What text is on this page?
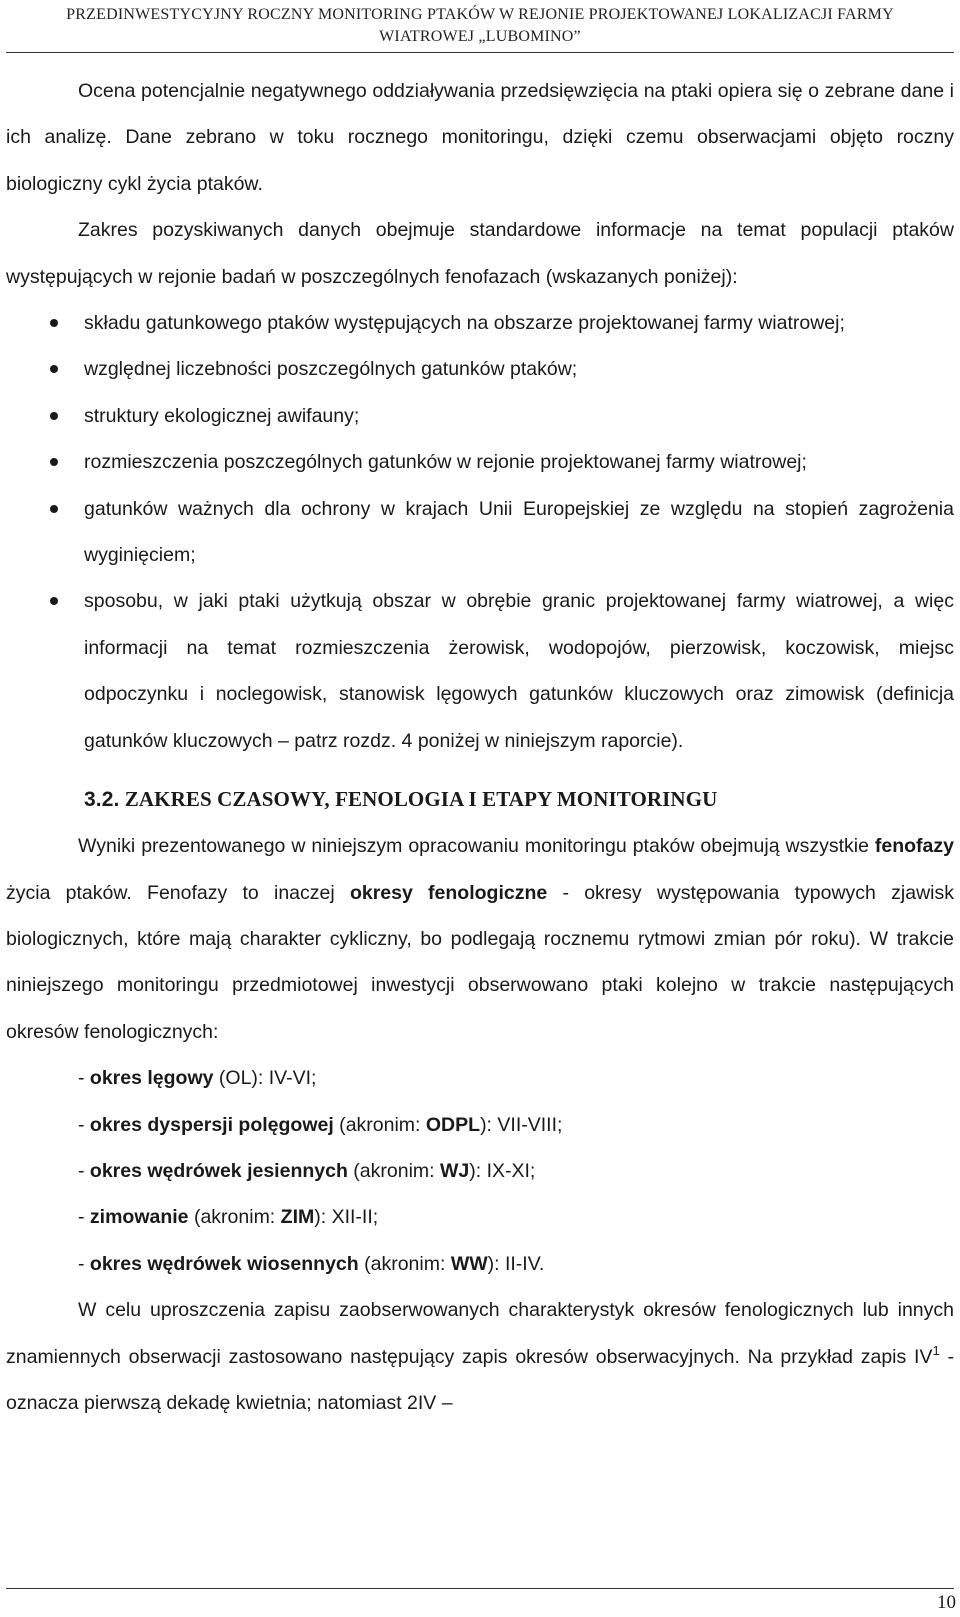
PRZEDINWESTYCYJNY ROCZNY MONITORING PTAKÓW W REJONIE PROJEKTOWANEJ LOKALIZACJI FARMY
WIATROWEJ „LUBOMINO”

Ocena potencjalnie negatywnego oddziaływania przedsięwzięcia na ptaki opiera się o zebrane dane i ich analizę. Dane zebrano w toku rocznego monitoringu, dzięki czemu obserwacjami objęto roczny biologiczny cykl życia ptaków.

Zakres pozyskiwanych danych obejmuje standardowe informacje na temat populacji ptaków występujących w rejonie badań w poszczególnych fenofazach (wskazanych poniżej):

składu gatunkowego ptaków występujących na obszarze projektowanej farmy wiatrowej;
względnej liczebności poszczególnych gatunków ptaków;
struktury ekologicznej awifauny;
rozmieszczenia poszczególnych gatunków w rejonie projektowanej farmy wiatrowej;
gatunków ważnych dla ochrony w krajach Unii Europejskiej ze względu na stopień zagrożenia wyginięciem;
sposobu, w jaki ptaki użytkują obszar w obrębie granic projektowanej farmy wiatrowej, a więc informacji na temat rozmieszczenia żerowisk, wodopojów, pierzowisk, koczowisk, miejsc odpoczynku i noclegowisk, stanowisk lęgowych gatunków kluczowych oraz zimowisk (definicja gatunków kluczowych – patrz rozdz. 4 poniżej w niniejszym raporcie).
3.2. ZAKRES CZASOWY, FENOLOGIA I ETAPY MONITORINGU

Wyniki prezentowanego w niniejszym opracowaniu monitoringu ptaków obejmują wszystkie fenofazy życia ptaków. Fenofazy to inaczej okresy fenologiczne - okresy występowania typowych zjawisk biologicznych, które mają charakter cykliczny, bo podlegają rocznemu rytmowi zmian pór roku). W trakcie niniejszego monitoringu przedmiotowej inwestycji obserwowano ptaki kolejno w trakcie następujących okresów fenologicznych:

- okres lęgowy (OL): IV-VI;
- okres dyspersji polęgowej (akronim: ODPL): VII-VIII;
- okres wędrówek jesiennych (akronim: WJ): IX-XI;
- zimowanie (akronim: ZIM): XII-II;
- okres wędrówek wiosennych (akronim: WW): II-IV.

W celu uproszczenia zapisu zaobserwowanych charakterystyk okresów fenologicznych lub innych znamiennych obserwacji zastosowano następujący zapis okresów obserwacyjnych. Na przykład zapis $IV^1$ - oznacza pierwszą dekadę kwietnia; natomiast 2IV –

10
